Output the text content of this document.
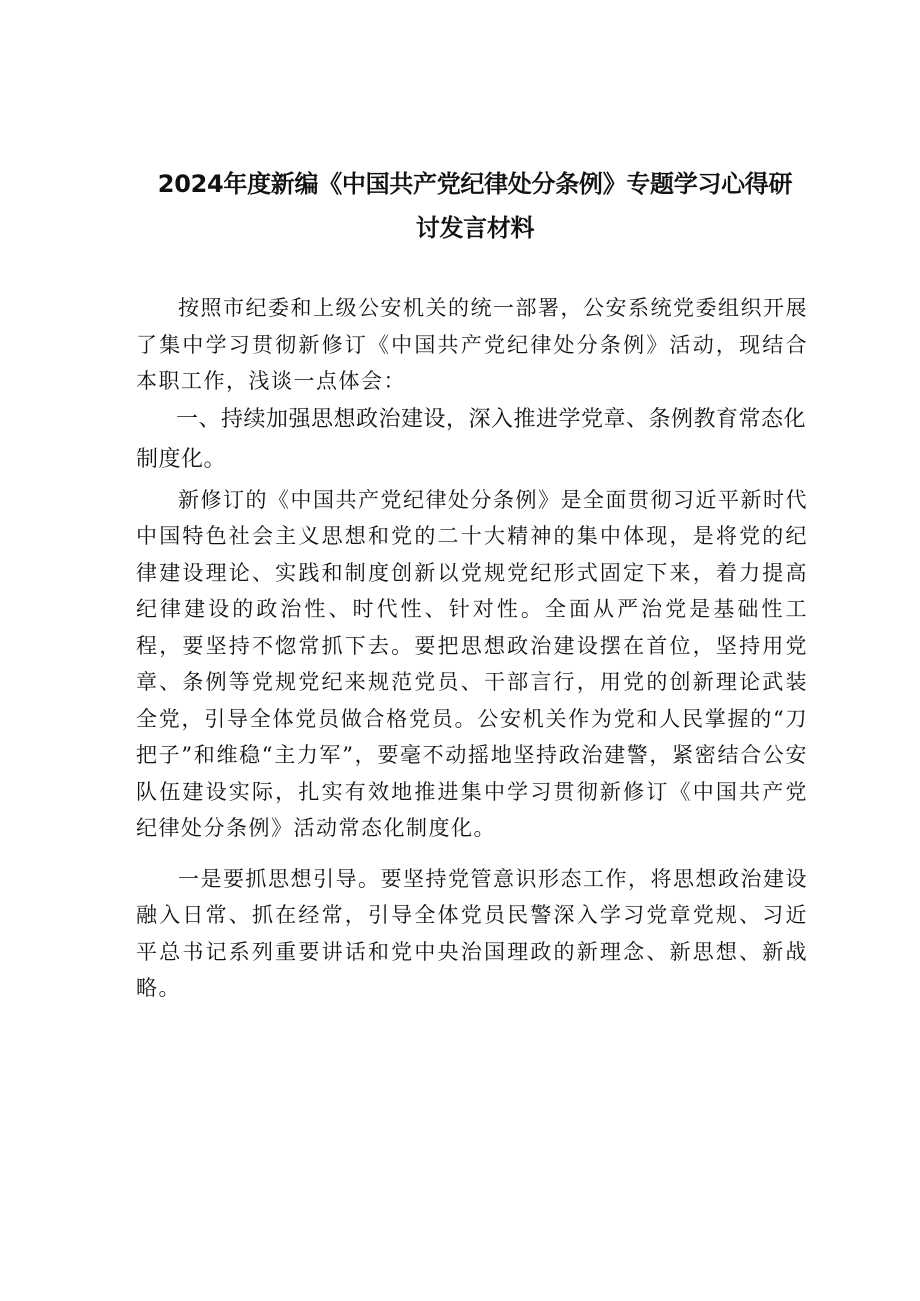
2024年度新编《中国共产党纪律处分条例》专题学习心得研
讨发言材料

按照市纪委和上级公安机关的统一部署，公安系统党委组织开展了集中学习贯彻新修订《中国共产党纪律处分条例》活动，现结合本职工作，浅谈一点体会：

一、持续加强思想政治建设，深入推进学党章、条例教育常态化制度化。

新修订的《中国共产党纪律处分条例》是全面贯彻习近平新时代中国特色社会主义思想和党的二十大精神的集中体现，是将党的纪律建设理论、实践和制度创新以党规党纪形式固定下来，着力提高纪律建设的政治性、时代性、针对性。全面从严治党是基础性工程，要坚持不惚常抓下去。要把思想政治建设摆在首位，坚持用党章、条例等党规党纪来规范党员、干部言行，用党的创新理论武装全党，引导全体党员做合格党员。公安机关作为党和人民掌握的“刀把子”和维稳“主力军”，要毫不动摇地坚持政治建警，紧密结合公安队伍建设实际，扎实有效地推进集中学习贯彻新修订《中国共产党纪律处分条例》活动常态化制度化。

一是要抓思想引导。要坚持党管意识形态工作，将思想政治建设融入日常、抓在经常，引导全体党员民警深入学习党章党规、习近平总书记系列重要讲话和党中央治国理政的新理念、新思想、新战略。
